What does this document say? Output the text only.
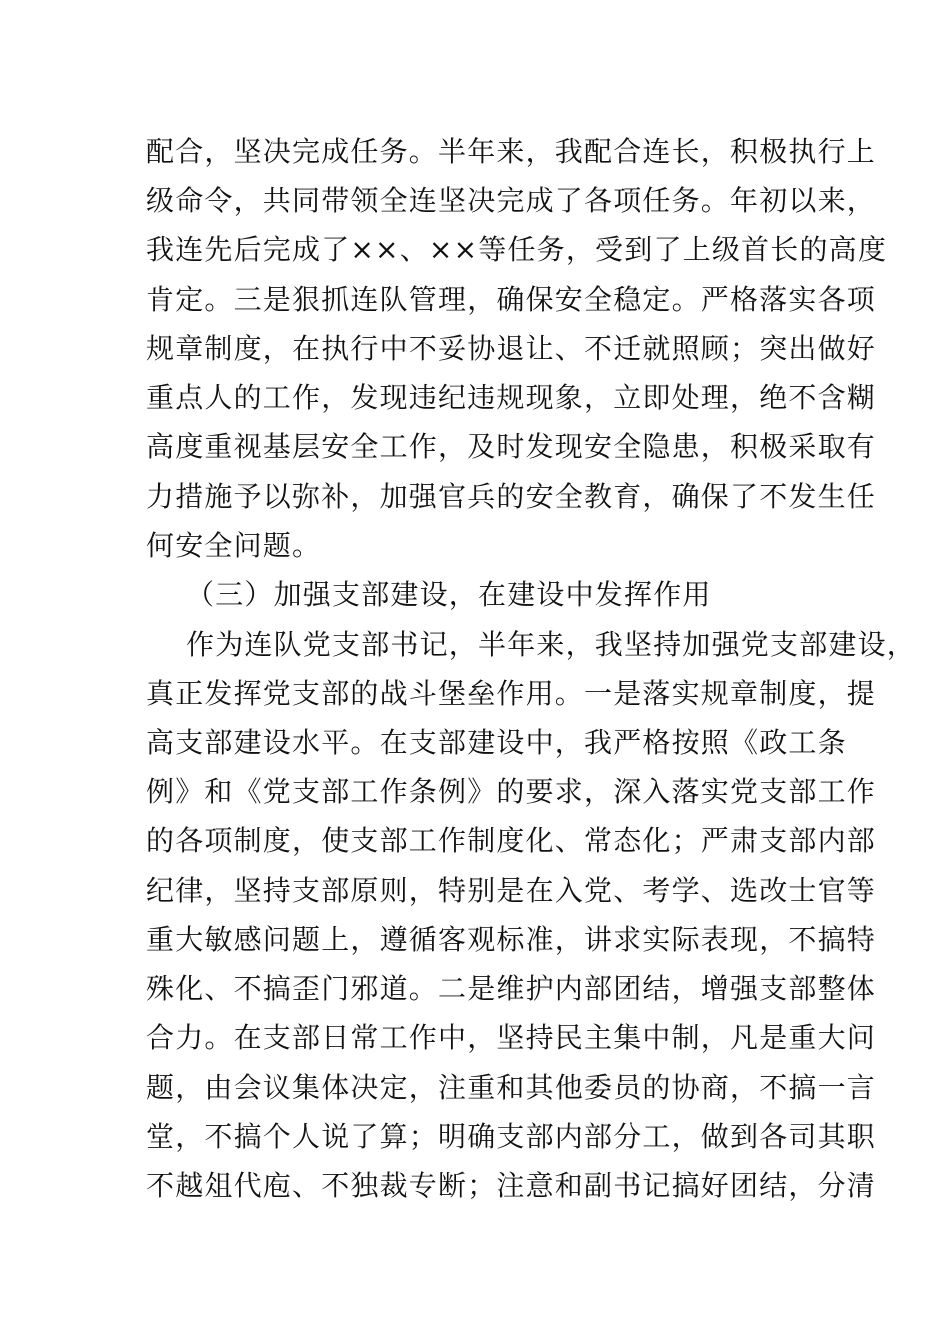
配合，坚决完成任务。半年来，我配合连长，积极执行上
级命令，共同带领全连坚决完成了各项任务。年初以来，
我连先后完成了××、××等任务，受到了上级首长的高度
肯定。三是狠抓连队管理，确保安全稳定。严格落实各项
规章制度，在执行中不妥协退让、不迁就照顾；突出做好
重点人的工作，发现违纪违规现象，立即处理，绝不含糊
高度重视基层安全工作，及时发现安全隐患，积极采取有
力措施予以弥补，加强官兵的安全教育，确保了不发生任
何安全问题。
（三）加强支部建设，在建设中发挥作用
作为连队党支部书记，半年来，我坚持加强党支部建设，
真正发挥党支部的战斗堡垒作用。一是落实规章制度，提
高支部建设水平。在支部建设中，我严格按照《政工条
例》和《党支部工作条例》的要求，深入落实党支部工作
的各项制度，使支部工作制度化、常态化；严肃支部内部
纪律，坚持支部原则，特别是在入党、考学、选改士官等
重大敏感问题上，遵循客观标准，讲求实际表现，不搞特
殊化、不搞歪门邪道。二是维护内部团结，增强支部整体
合力。在支部日常工作中，坚持民主集中制，凡是重大问
题，由会议集体决定，注重和其他委员的协商，不搞一言
堂，不搞个人说了算；明确支部内部分工，做到各司其职
不越俎代庖、不独裁专断；注意和副书记搞好团结，分清
